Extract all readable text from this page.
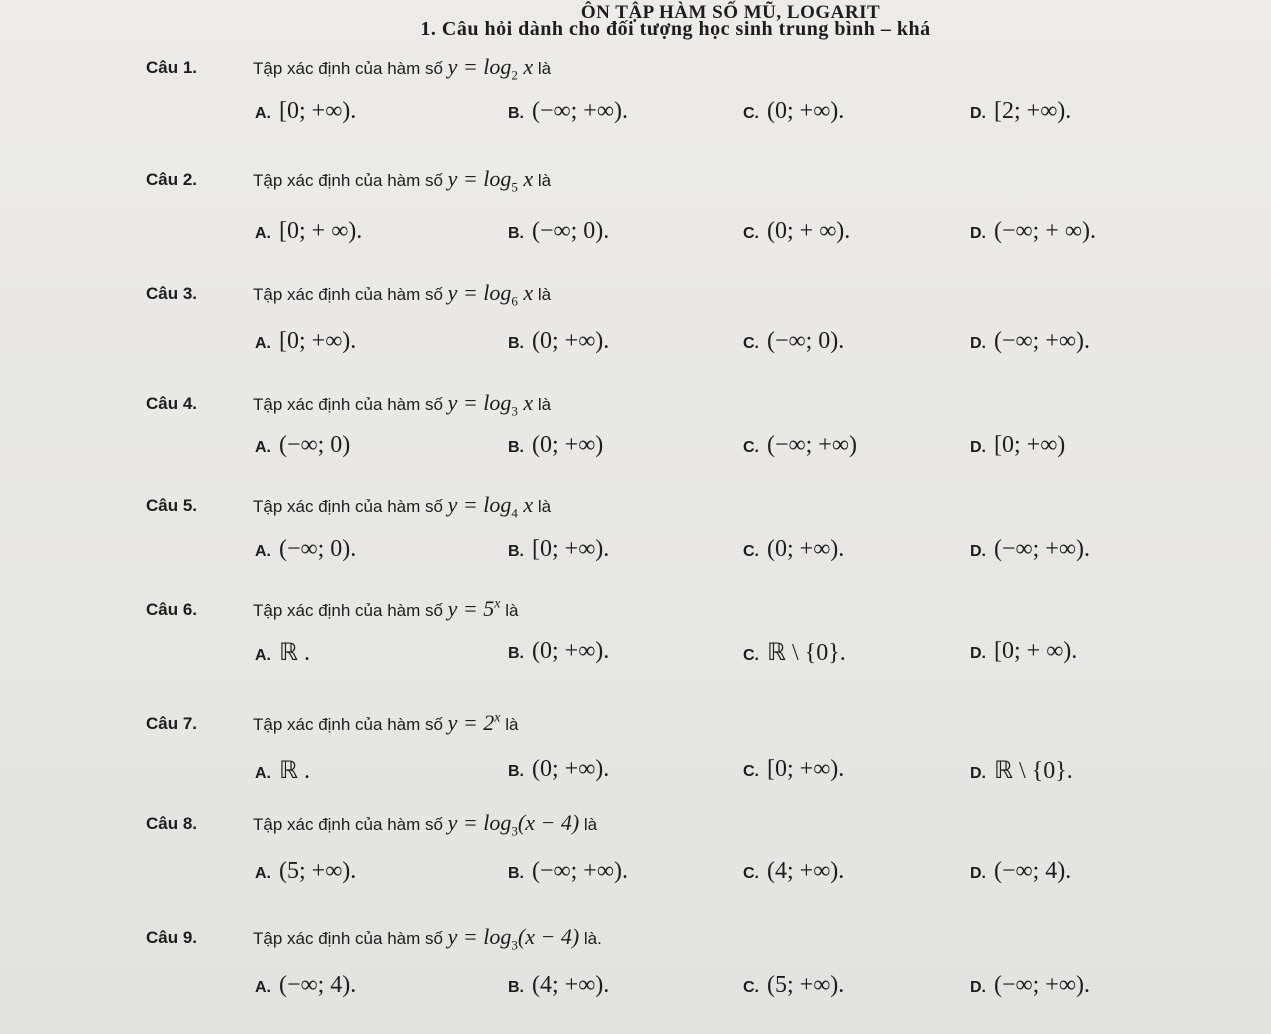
ÔN TẬP HÀM SỐ MŨ, LOGARIT
1. Câu hỏi dành cho đối tượng học sinh trung bình – khá
Câu 1.	Tập xác định của hàm số $y = \log_2 x$ là
A. [0; +∞).	B. (−∞; +∞).	C. (0; +∞).	D. [2; +∞).
Câu 2.	Tập xác định của hàm số $y = \log_5 x$ là
A. [0; + ∞).	B. (−∞; 0).	C. (0; + ∞).	D. (−∞; + ∞).
Câu 3.	Tập xác định của hàm số $y = \log_6 x$ là
A. [0; +∞).	B. (0; +∞).	C. (−∞; 0).	D. (−∞; +∞).
Câu 4.	Tập xác định của hàm số $y = \log_3 x$ là
A. (−∞; 0)	B. (0; +∞)	C. (−∞; +∞)	D. [0; +∞)
Câu 5.	Tập xác định của hàm số $y = \log_4 x$ là
A. (−∞; 0).	B. [0; +∞).	C. (0; +∞).	D. (−∞; +∞).
Câu 6.	Tập xác định của hàm số $y = 5^x$ là
A. ℝ .	B. (0; +∞).	C. ℝ \ {0}.	D. [0; + ∞).
Câu 7.	Tập xác định của hàm số $y = 2^x$ là
A. ℝ .	B. (0; +∞).	C. [0; +∞).	D. ℝ \ {0}.
Câu 8.	Tập xác định của hàm số $y = \log_3(x - 4)$ là
A. (5; +∞).	B. (−∞; +∞).	C. (4; +∞).	D. (−∞; 4).
Câu 9.	Tập xác định của hàm số $y = \log_3(x - 4)$ là.
A. (−∞; 4).	B. (4; +∞).	C. (5; +∞).	D. (−∞; +∞).
